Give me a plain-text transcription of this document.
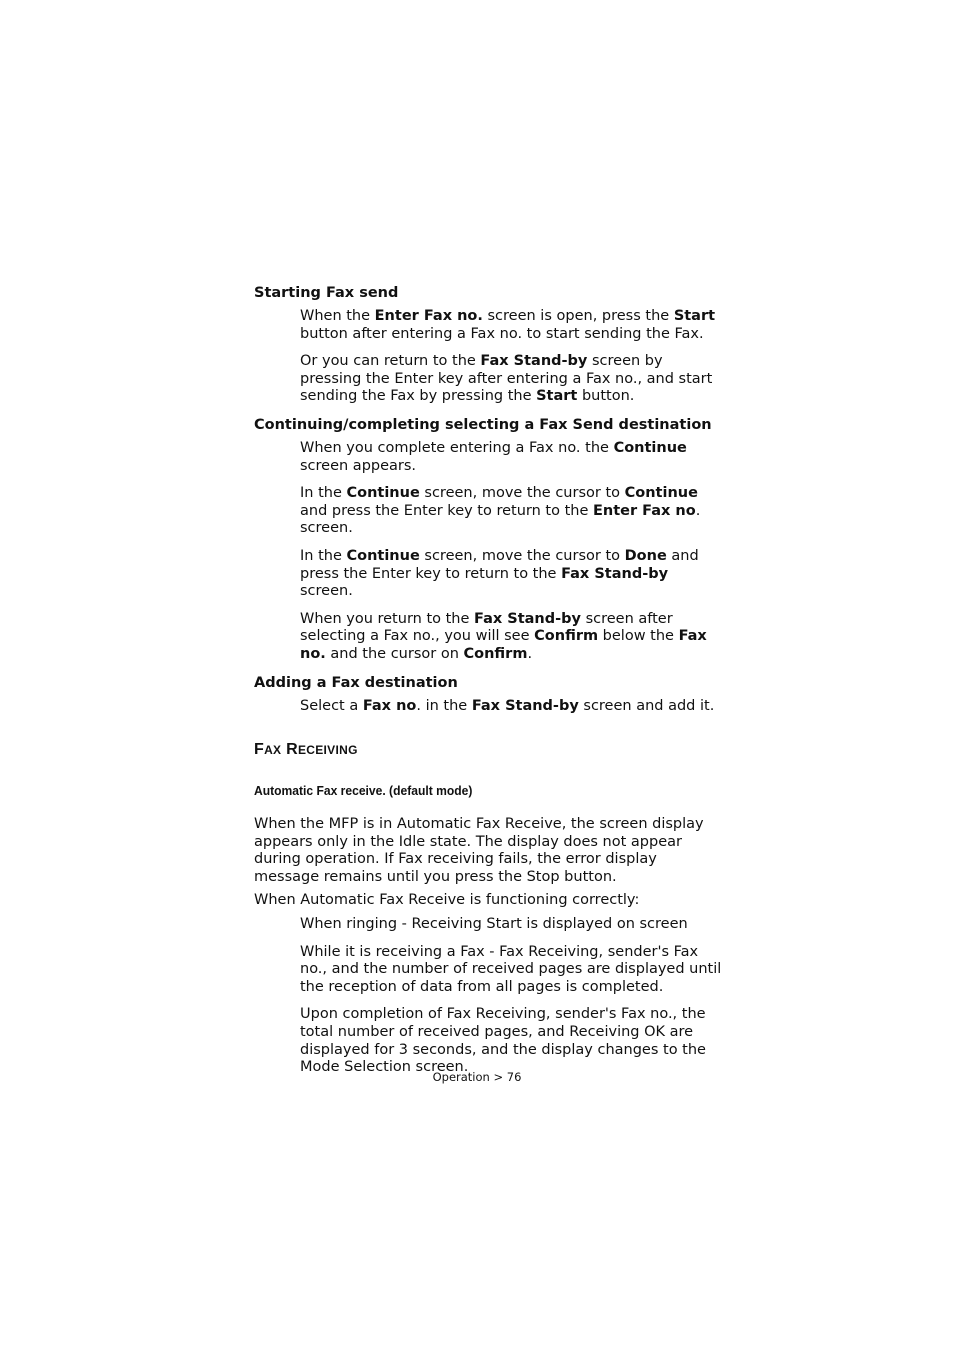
Starting Fax send
When the Enter Fax no. screen is open, press the Start button after entering a Fax no. to start sending the Fax.
Or you can return to the Fax Stand-by screen by pressing the Enter key after entering a Fax no., and start sending the Fax by pressing the Start button.
Continuing/completing selecting a Fax Send destination
When you complete entering a Fax no. the Continue screen appears.
In the Continue screen, move the cursor to Continue and press the Enter key to return to the Enter Fax no. screen.
In the Continue screen, move the cursor to Done and press the Enter key to return to the Fax Stand-by screen.
When you return to the Fax Stand-by screen after selecting a Fax no., you will see Confirm below the Fax no. and the cursor on Confirm.
Adding a Fax destination
Select a Fax no. in the Fax Stand-by screen and add it.
FAX RECEIVING
Automatic Fax receive. (default mode)
When the MFP is in Automatic Fax Receive, the screen display appears only in the Idle state. The display does not appear during operation. If Fax receiving fails, the error display message remains until you press the Stop button.
When Automatic Fax Receive is functioning correctly:
When ringing - Receiving Start is displayed on screen
While it is receiving a Fax - Fax Receiving, sender's Fax no., and the number of received pages are displayed until the reception of data from all pages is completed.
Upon completion of Fax Receiving, sender's Fax no., the total number of received pages, and Receiving OK are displayed for 3 seconds, and the display changes to the Mode Selection screen.
Operation > 76
